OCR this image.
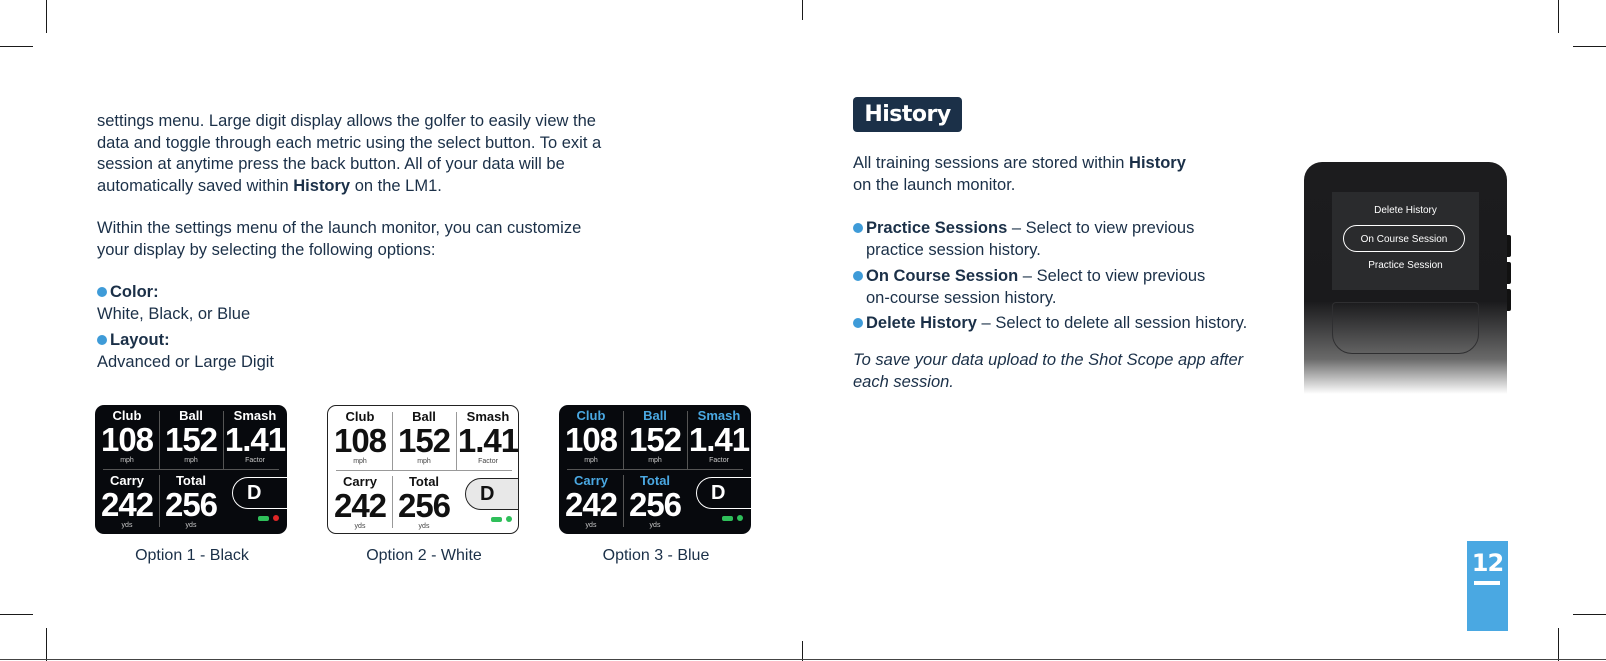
settings menu. Large digit display allows the golfer to easily view the
data and toggle through each metric using the select button. To exit a
session at anytime press the back button. All of your data will be
automatically saved within History on the LM1.
Within the settings menu of the launch monitor, you can customize
your display by selecting the following options:
Color:
White, Black, or Blue
Layout:
Advanced or Large Digit
Club
108
mph
Ball
152
mph
Smash
1.41
Factor
Carry
242
yds
Total
256
yds
D
Club
108
mph
Ball
152
mph
Smash
1.41
Factor
Carry
242
yds
Total
256
yds
D
Club
108
mph
Ball
152
mph
Smash
1.41
Factor
Carry
242
yds
Total
256
yds
D
Option 1 - Black	Option 2 - White	Option 3 - Blue
History
All training sessions are stored within History
on the launch monitor.
Practice Sessions – Select to view previous
practice session history.
On Course Session – Select to view previous
on-course session history.
Delete History – Select to delete all session history.
To save your data upload to the Shot Scope app after
each session.
Delete History
On Course Session
Practice Session
12
